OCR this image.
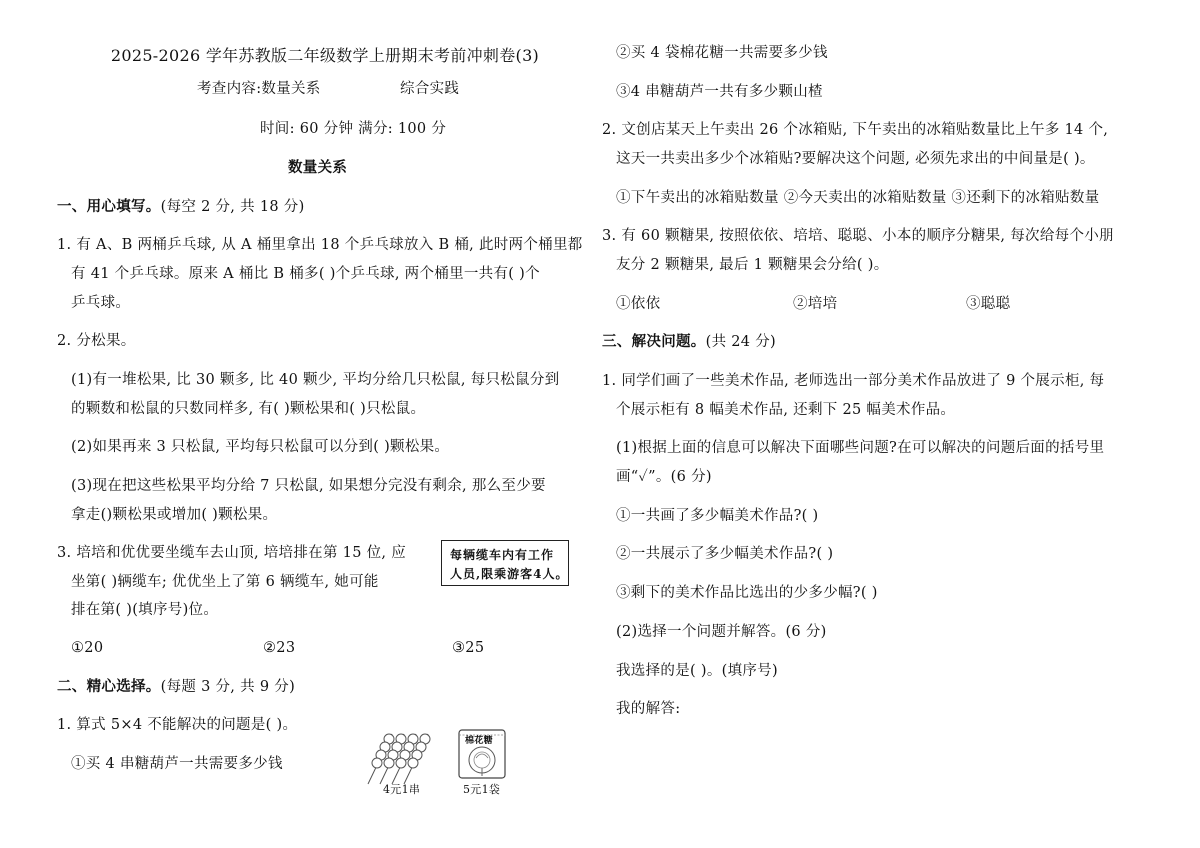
2025-2026 学年苏教版二年级数学上册期末考前冲刺卷(3)
考查内容:数量关系	综合实践
时间: 60 分钟 满分: 100 分
数量关系
一、用心填写。(每空 2 分, 共 18 分)
1. 有 A、B 两桶乒乓球, 从 A 桶里拿出 18 个乒乓球放入 B 桶, 此时两个桶里都
有 41 个乒乓球。原来 A 桶比 B 桶多( )个乒乓球, 两个桶里一共有( )个
乒乓球。
2. 分松果。
(1)有一堆松果, 比 30 颗多, 比 40 颗少, 平均分给几只松鼠, 每只松鼠分到
的颗数和松鼠的只数同样多, 有( )颗松果和( )只松鼠。
(2)如果再来 3 只松鼠, 平均每只松鼠可以分到( )颗松果。
(3)现在把这些松果平均分给 7 只松鼠, 如果想分完没有剩余, 那么至少要
拿走()颗松果或增加( )颗松果。
3. 培培和优优要坐缆车去山顶, 培培排在第 15 位, 应
坐第( )辆缆车; 优优坐上了第 6 辆缆车, 她可能
排在第( )(填序号)位。
每辆缆车内有工作
人员,限乘游客4人。
①20	②23	③25
二、精心选择。(每题 3 分, 共 9 分)
1. 算式 5×4 不能解决的问题是( )。
①买 4 串糖葫芦一共需要多少钱
4元1串
棉花糖
5元1袋
②买 4 袋棉花糖一共需要多少钱
③4 串糖葫芦一共有多少颗山楂
2. 文创店某天上午卖出 26 个冰箱贴, 下午卖出的冰箱贴数量比上午多 14 个,
这天一共卖出多少个冰箱贴?要解决这个问题, 必须先求出的中间量是( )。
①下午卖出的冰箱贴数量 ②今天卖出的冰箱贴数量 ③还剩下的冰箱贴数量
3. 有 60 颗糖果, 按照依依、培培、聪聪、小本的顺序分糖果, 每次给每个小朋
友分 2 颗糖果, 最后 1 颗糖果会分给( )。
①依依	②培培	③聪聪
三、解决问题。(共 24 分)
1. 同学们画了一些美术作品, 老师选出一部分美术作品放进了 9 个展示柜, 每
个展示柜有 8 幅美术作品, 还剩下 25 幅美术作品。
(1)根据上面的信息可以解决下面哪些问题?在可以解决的问题后面的括号里
画“✓”。(6 分)
①一共画了多少幅美术作品?( )
②一共展示了多少幅美术作品?( )
③剩下的美术作品比选出的少多少幅?( )
(2)选择一个问题并解答。(6 分)
我选择的是( )。(填序号)
我的解答:
